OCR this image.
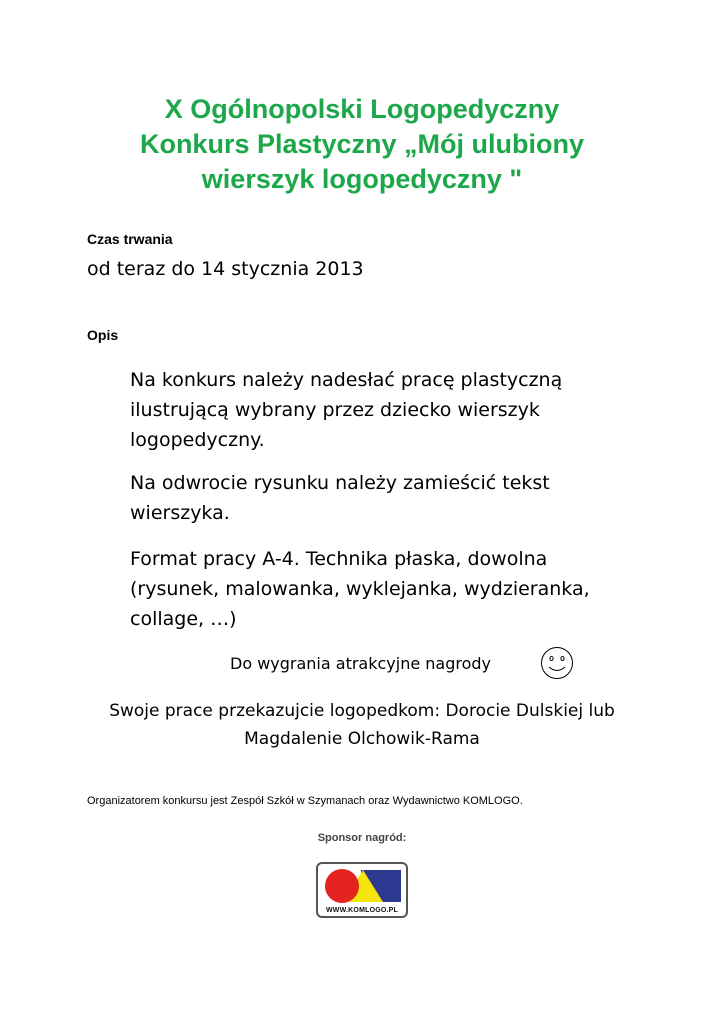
X Ogólnopolski Logopedyczny
Konkurs Plastyczny „Mój ulubiony
wierszyk logopedyczny "
Czas trwania
od teraz do 14 stycznia 2013
Opis
Na konkurs należy nadesłać pracę plastyczną
ilustrującą wybrany przez dziecko wierszyk
logopedyczny.
Na odwrocie rysunku należy zamieścić tekst
wierszyka.
Format pracy A-4. Technika płaska, dowolna
(rysunek, malowanka, wyklejanka, wydzieranka,
collage, …)
Do wygrania atrakcyjne nagrody
Swoje prace przekazujcie logopedkom: Dorocie Dulskiej lub
Magdalenie Olchowik-Rama
Organizatorem konkursu jest Zespół Szkół w Szymanach oraz Wydawnictwo KOMLOGO.
Sponsor nagród:
WWW.KOMLOGO.PL
